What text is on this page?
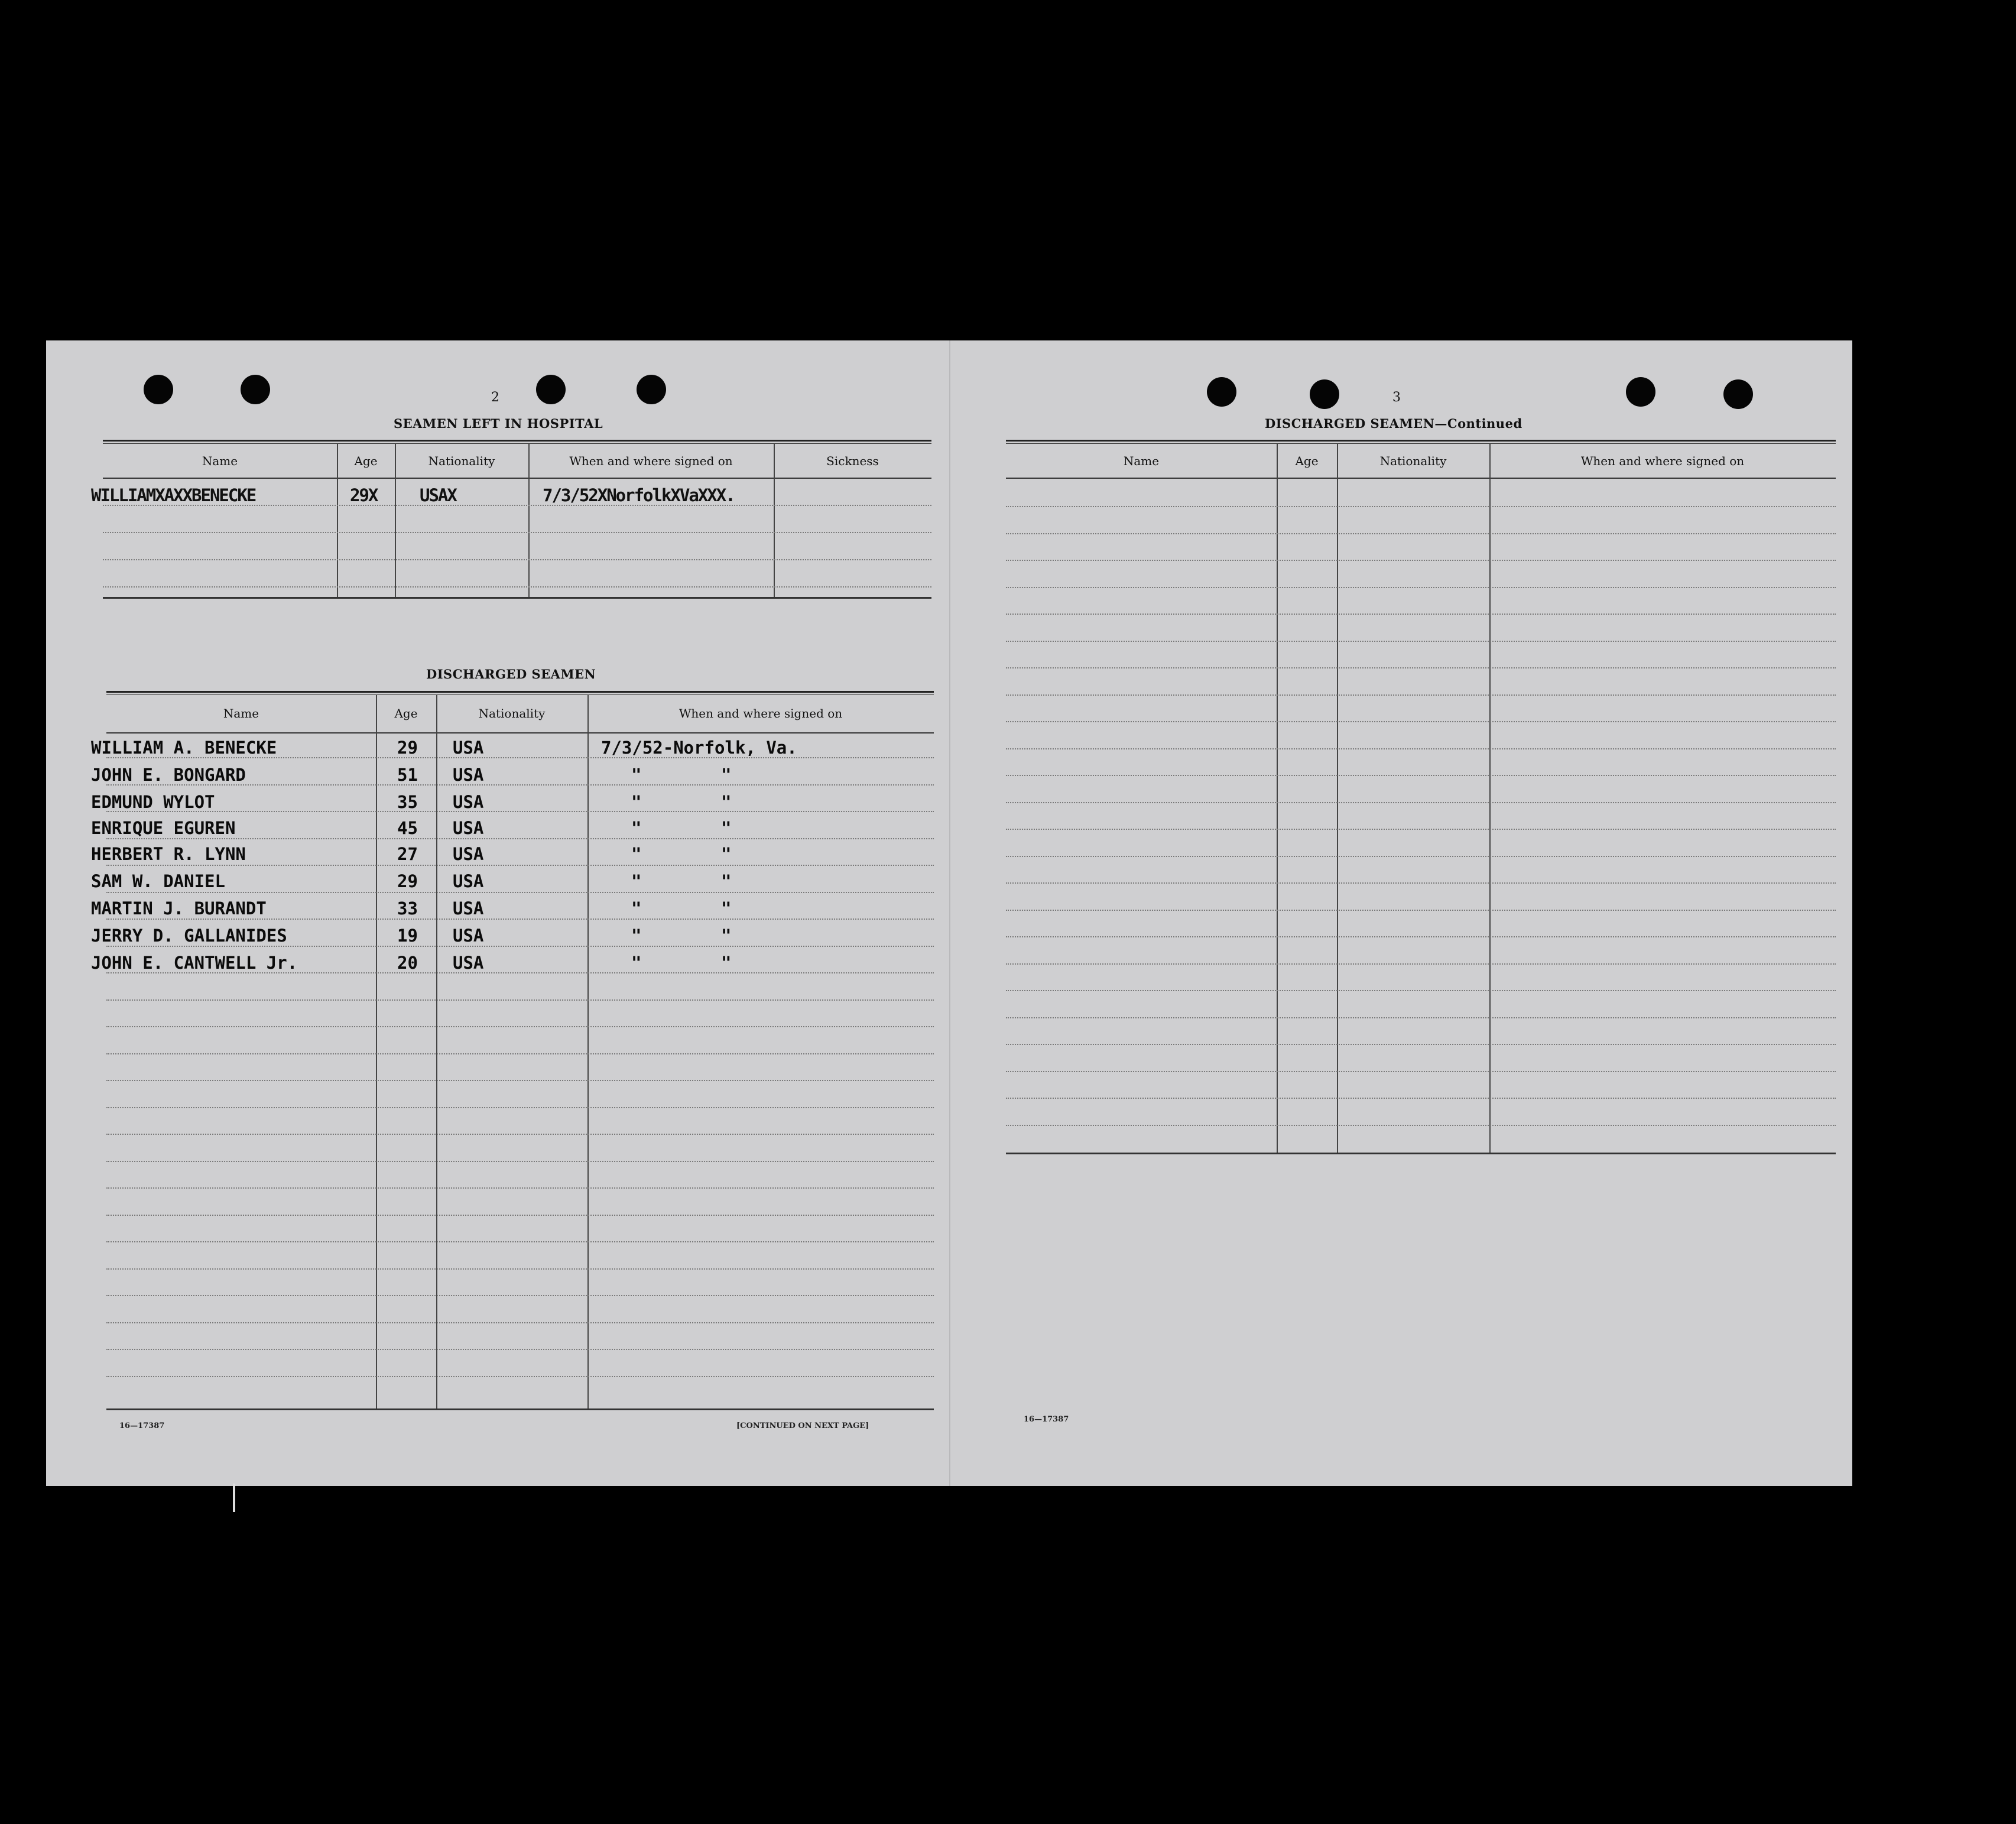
2
SEAMEN LEFT IN HOSPITAL
Name	Age	Nationality	When and where signed on	Sickness
WILLIAMXAXXBENECKE	29X USAX	7/3/52XNorfolkXVaXXX.
DISCHARGED SEAMEN
Name	Age	Nationality	When and where signed on
WILLIAM A. BENECKE	29 USA	7/3/52-Norfolk, Va.
JOHN E. BONGARD	51 USA	"	"
EDMUND WYLOT	35 USA	"	"
ENRIQUE EGUREN	45 USA	"	"
HERBERT R. LYNN	27 USA	"	"
SAM W. DANIEL	29 USA	"	"
MARTIN J. BURANDT	33 USA	"	"
JERRY D. GALLANIDES	19 USA	"	"
JOHN E. CANTWELL Jr.	20 USA	"	"
16—17387	[CONTINUED ON NEXT PAGE]
3
DISCHARGED SEAMEN—Continued
Name	Age	Nationality	When and where signed on
16—17387
